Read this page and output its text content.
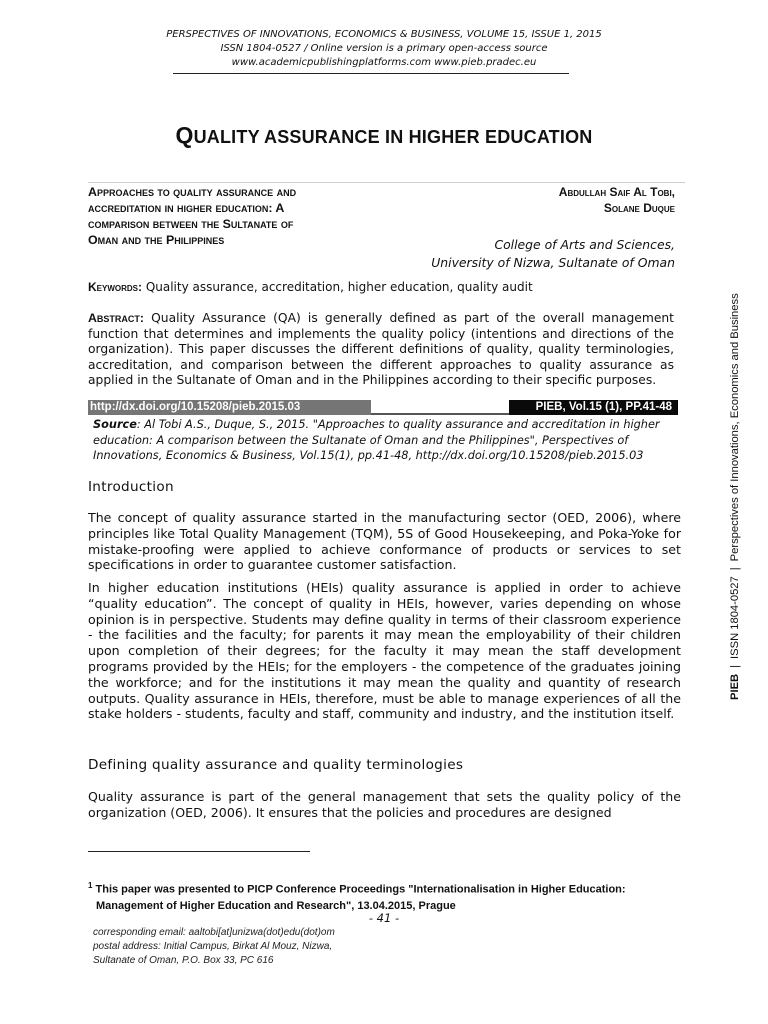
PERSPECTIVES OF INNOVATIONS, ECONOMICS & BUSINESS, VOLUME 15, ISSUE 1, 2015
ISSN 1804-0527 / Online version is a primary open-access source
www.academicpublishingplatforms.com www.pieb.pradec.eu
QUALITY ASSURANCE IN HIGHER EDUCATION
Approaches to quality assurance and
accreditation in higher education: A
comparison between the Sultanate of
Oman and the Philippines
Abdullah Saif Al Tobi,
Solane Duque
College of Arts and Sciences,
University of Nizwa, Sultanate of Oman
Keywords: Quality assurance, accreditation, higher education, quality audit
Abstract: Quality Assurance (QA) is generally defined as part of the overall management function that determines and implements the quality policy (intentions and directions of the organization). This paper discusses the different definitions of quality, quality terminologies, accreditation, and comparison between the different approaches to quality assurance as applied in the Sultanate of Oman and in the Philippines according to their specific purposes.
http://dx.doi.org/10.15208/pieb.2015.03	PIEB, Vol.15 (1), PP.41-48
Source: Al Tobi A.S., Duque, S., 2015. "Approaches to quality assurance and accreditation in higher education: A comparison between the Sultanate of Oman and the Philippines", Perspectives of Innovations, Economics & Business, Vol.15(1), pp.41-48, http://dx.doi.org/10.15208/pieb.2015.03
Introduction
The concept of quality assurance started in the manufacturing sector (OED, 2006), where principles like Total Quality Management (TQM), 5S of Good Housekeeping, and Poka-Yoke for mistake-proofing were applied to achieve conformance of products or services to set specifications in order to guarantee customer satisfaction.
In higher education institutions (HEIs) quality assurance is applied in order to achieve “quality education”. The concept of quality in HEIs, however, varies depending on whose opinion is in perspective. Students may define quality in terms of their classroom experience - the facilities and the faculty; for parents it may mean the employability of their children upon completion of their degrees; for the faculty it may mean the staff development programs provided by the HEIs; for the employers - the competence of the graduates joining the workforce; and for the institutions it may mean the quality and quantity of research outputs. Quality assurance in HEIs, therefore, must be able to manage experiences of all the stake holders - students, faculty and staff, community and industry, and the institution itself.
Defining quality assurance and quality terminologies
Quality assurance is part of the general management that sets the quality policy of the organization (OED, 2006). It ensures that the policies and procedures are designed
$^1$ This paper was presented to PICP Conference Proceedings "Internationalisation in Higher Education:
Management of Higher Education and Research", 13.04.2015, Prague
- 41 -
corresponding email: aaltobi[at]unizwa(dot)edu(dot)om
postal address: Initial Campus, Birkat Al Mouz, Nizwa,
Sultanate of Oman, P.O. Box 33, PC 616
PIEB|ISSN 1804-0527|Perspectives of Innovations, Economics and Business
